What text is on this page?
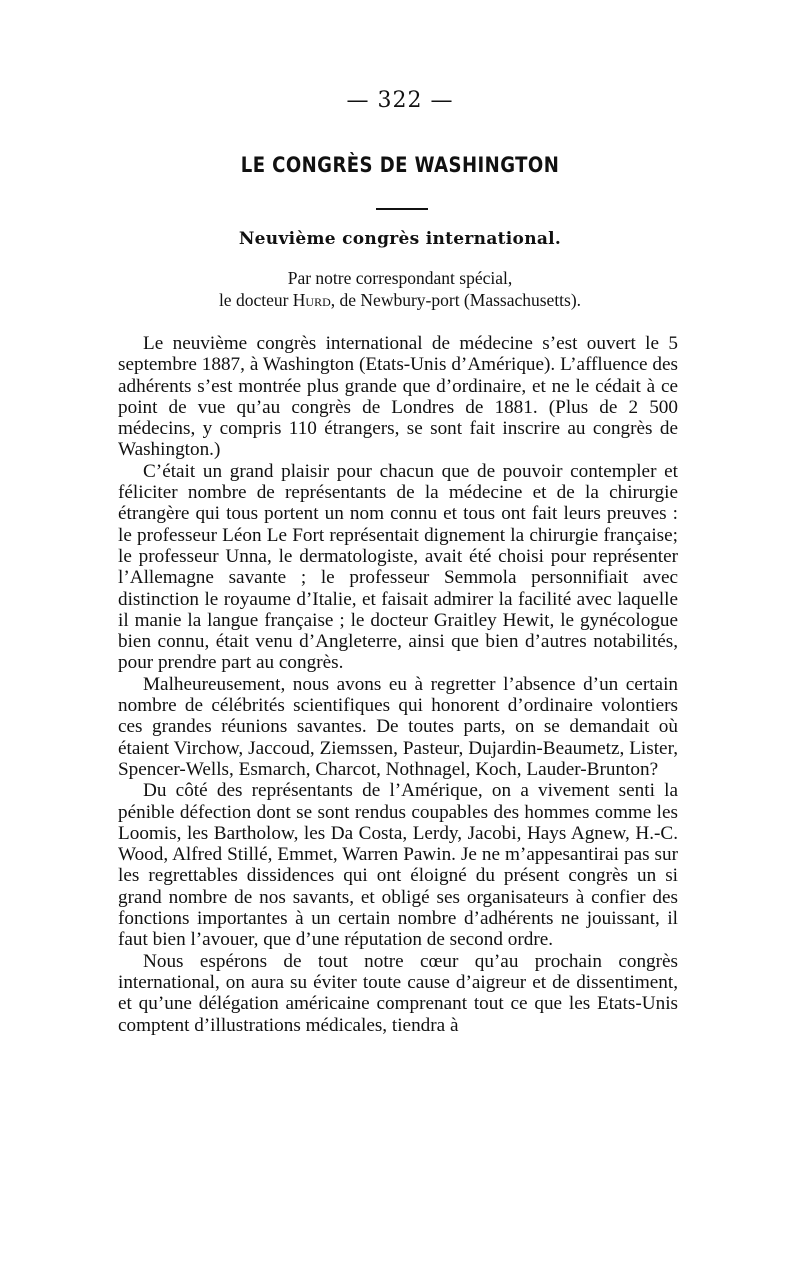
— 322 —
LE CONGRÈS DE WASHINGTON
Neuvième congrès international.
Par notre correspondant spécial,
le docteur Hurd, de Newbury-port (Massachusetts).

Le neuvième congrès international de médecine s’est ouvert le 5 septembre 1887, à Washington (Etats-Unis d’Amérique). L’affluence des adhérents s’est montrée plus grande que d’ordinaire, et ne le cédait à ce point de vue qu’au congrès de Londres de 1881. (Plus de 2 500 médecins, y compris 110 étrangers, se sont fait inscrire au congrès de Washington.)

C’était un grand plaisir pour chacun que de pouvoir contempler et féliciter nombre de représentants de la médecine et de la chirurgie étrangère qui tous portent un nom connu et tous ont fait leurs preuves : le professeur Léon Le Fort représentait dignement la chirurgie française; le professeur Unna, le dermatologiste, avait été choisi pour représenter l’Allemagne savante ; le professeur Semmola personnifiait avec distinction le royaume d’Italie, et faisait admirer la facilité avec laquelle il manie la langue française ; le docteur Graitley Hewit, le gynécologue bien connu, était venu d’Angleterre, ainsi que bien d’autres notabilités, pour prendre part au congrès.

Malheureusement, nous avons eu à regretter l’absence d’un certain nombre de célébrités scientifiques qui honorent d’ordinaire volontiers ces grandes réunions savantes. De toutes parts, on se demandait où étaient Virchow, Jaccoud, Ziemssen, Pasteur, Dujardin-Beaumetz, Lister, Spencer-Wells, Esmarch, Charcot, Nothnagel, Koch, Lauder-Brunton?

Du côté des représentants de l’Amérique, on a vivement senti la pénible défection dont se sont rendus coupables des hommes comme les Loomis, les Bartholow, les Da Costa, Lerdy, Jacobi, Hays Agnew, H.-C. Wood, Alfred Stillé, Emmet, Warren Pawin. Je ne m’appesantirai pas sur les regrettables dissidences qui ont éloigné du présent congrès un si grand nombre de nos savants, et obligé ses organisateurs à confier des fonctions importantes à un certain nombre d’adhérents ne jouissant, il faut bien l’avouer, que d’une réputation de second ordre.

Nous espérons de tout notre cœur qu’au prochain congrès international, on aura su éviter toute cause d’aigreur et de dissentiment, et qu’une délégation américaine comprenant tout ce que les Etats-Unis comptent d’illustrations médicales, tiendra à
